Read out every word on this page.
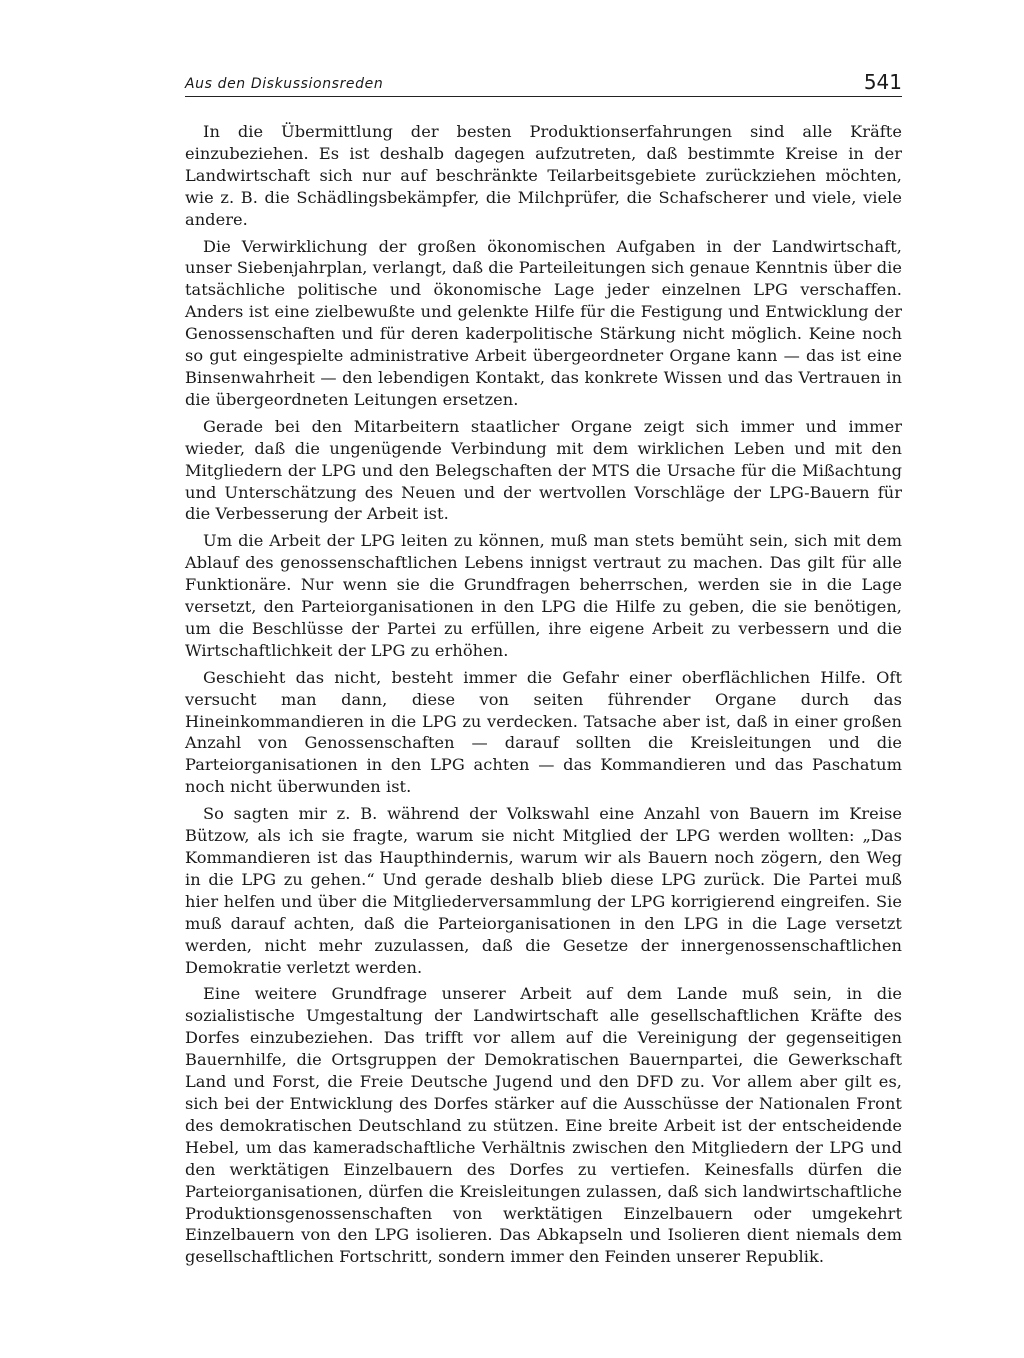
Aus den Diskussionsreden	541

In die Übermittlung der besten Produktionserfahrungen sind alle Kräfte einzubeziehen. Es ist deshalb dagegen aufzutreten, daß bestimmte Kreise in der Landwirtschaft sich nur auf beschränkte Teilarbeitsgebiete zurückziehen möchten, wie z. B. die Schädlingsbekämpfer, die Milchprüfer, die Schafscherer und viele, viele andere.

Die Verwirklichung der großen ökonomischen Aufgaben in der Landwirtschaft, unser Siebenjahrplan, verlangt, daß die Parteileitungen sich genaue Kenntnis über die tatsächliche politische und ökonomische Lage jeder einzelnen LPG verschaffen. Anders ist eine zielbewußte und gelenkte Hilfe für die Festigung und Entwicklung der Genossenschaften und für deren kaderpolitische Stärkung nicht möglich. Keine noch so gut eingespielte administrative Arbeit übergeordneter Organe kann — das ist eine Binsenwahrheit — den lebendigen Kontakt, das konkrete Wissen und das Vertrauen in die übergeordneten Leitungen ersetzen.

Gerade bei den Mitarbeitern staatlicher Organe zeigt sich immer und immer wieder, daß die ungenügende Verbindung mit dem wirklichen Leben und mit den Mitgliedern der LPG und den Belegschaften der MTS die Ursache für die Mißachtung und Unterschätzung des Neuen und der wertvollen Vorschläge der LPG-Bauern für die Verbesserung der Arbeit ist.

Um die Arbeit der LPG leiten zu können, muß man stets bemüht sein, sich mit dem Ablauf des genossenschaftlichen Lebens innigst vertraut zu machen. Das gilt für alle Funktionäre. Nur wenn sie die Grundfragen beherrschen, werden sie in die Lage versetzt, den Parteiorganisationen in den LPG die Hilfe zu geben, die sie benötigen, um die Beschlüsse der Partei zu erfüllen, ihre eigene Arbeit zu verbessern und die Wirtschaftlichkeit der LPG zu erhöhen.

Geschieht das nicht, besteht immer die Gefahr einer oberflächlichen Hilfe. Oft versucht man dann, diese von seiten führender Organe durch das Hineinkommandieren in die LPG zu verdecken. Tatsache aber ist, daß in einer großen Anzahl von Genossenschaften — darauf sollten die Kreisleitungen und die Parteiorganisationen in den LPG achten — das Kommandieren und das Paschatum noch nicht überwunden ist.

So sagten mir z. B. während der Volkswahl eine Anzahl von Bauern im Kreise Bützow, als ich sie fragte, warum sie nicht Mitglied der LPG werden wollten: „Das Kommandieren ist das Haupthindernis, warum wir als Bauern noch zögern, den Weg in die LPG zu gehen.“ Und gerade deshalb blieb diese LPG zurück. Die Partei muß hier helfen und über die Mitgliederversammlung der LPG korrigierend eingreifen. Sie muß darauf achten, daß die Parteiorganisationen in den LPG in die Lage versetzt werden, nicht mehr zuzulassen, daß die Gesetze der innergenossenschaftlichen Demokratie verletzt werden.

Eine weitere Grundfrage unserer Arbeit auf dem Lande muß sein, in die sozialistische Umgestaltung der Landwirtschaft alle gesellschaftlichen Kräfte des Dorfes einzubeziehen. Das trifft vor allem auf die Vereinigung der gegenseitigen Bauernhilfe, die Ortsgruppen der Demokratischen Bauernpartei, die Gewerkschaft Land und Forst, die Freie Deutsche Jugend und den DFD zu. Vor allem aber gilt es, sich bei der Entwicklung des Dorfes stärker auf die Ausschüsse der Nationalen Front des demokratischen Deutschland zu stützen. Eine breite Arbeit ist der entscheidende Hebel, um das kameradschaftliche Verhältnis zwischen den Mitgliedern der LPG und den werktätigen Einzelbauern des Dorfes zu vertiefen. Keinesfalls dürfen die Parteiorganisationen, dürfen die Kreisleitungen zulassen, daß sich landwirtschaftliche Produktionsgenossenschaften von werktätigen Einzelbauern oder umgekehrt Einzelbauern von den LPG isolieren. Das Abkapseln und Isolieren dient niemals dem gesellschaftlichen Fortschritt, sondern immer den Feinden unserer Republik.
